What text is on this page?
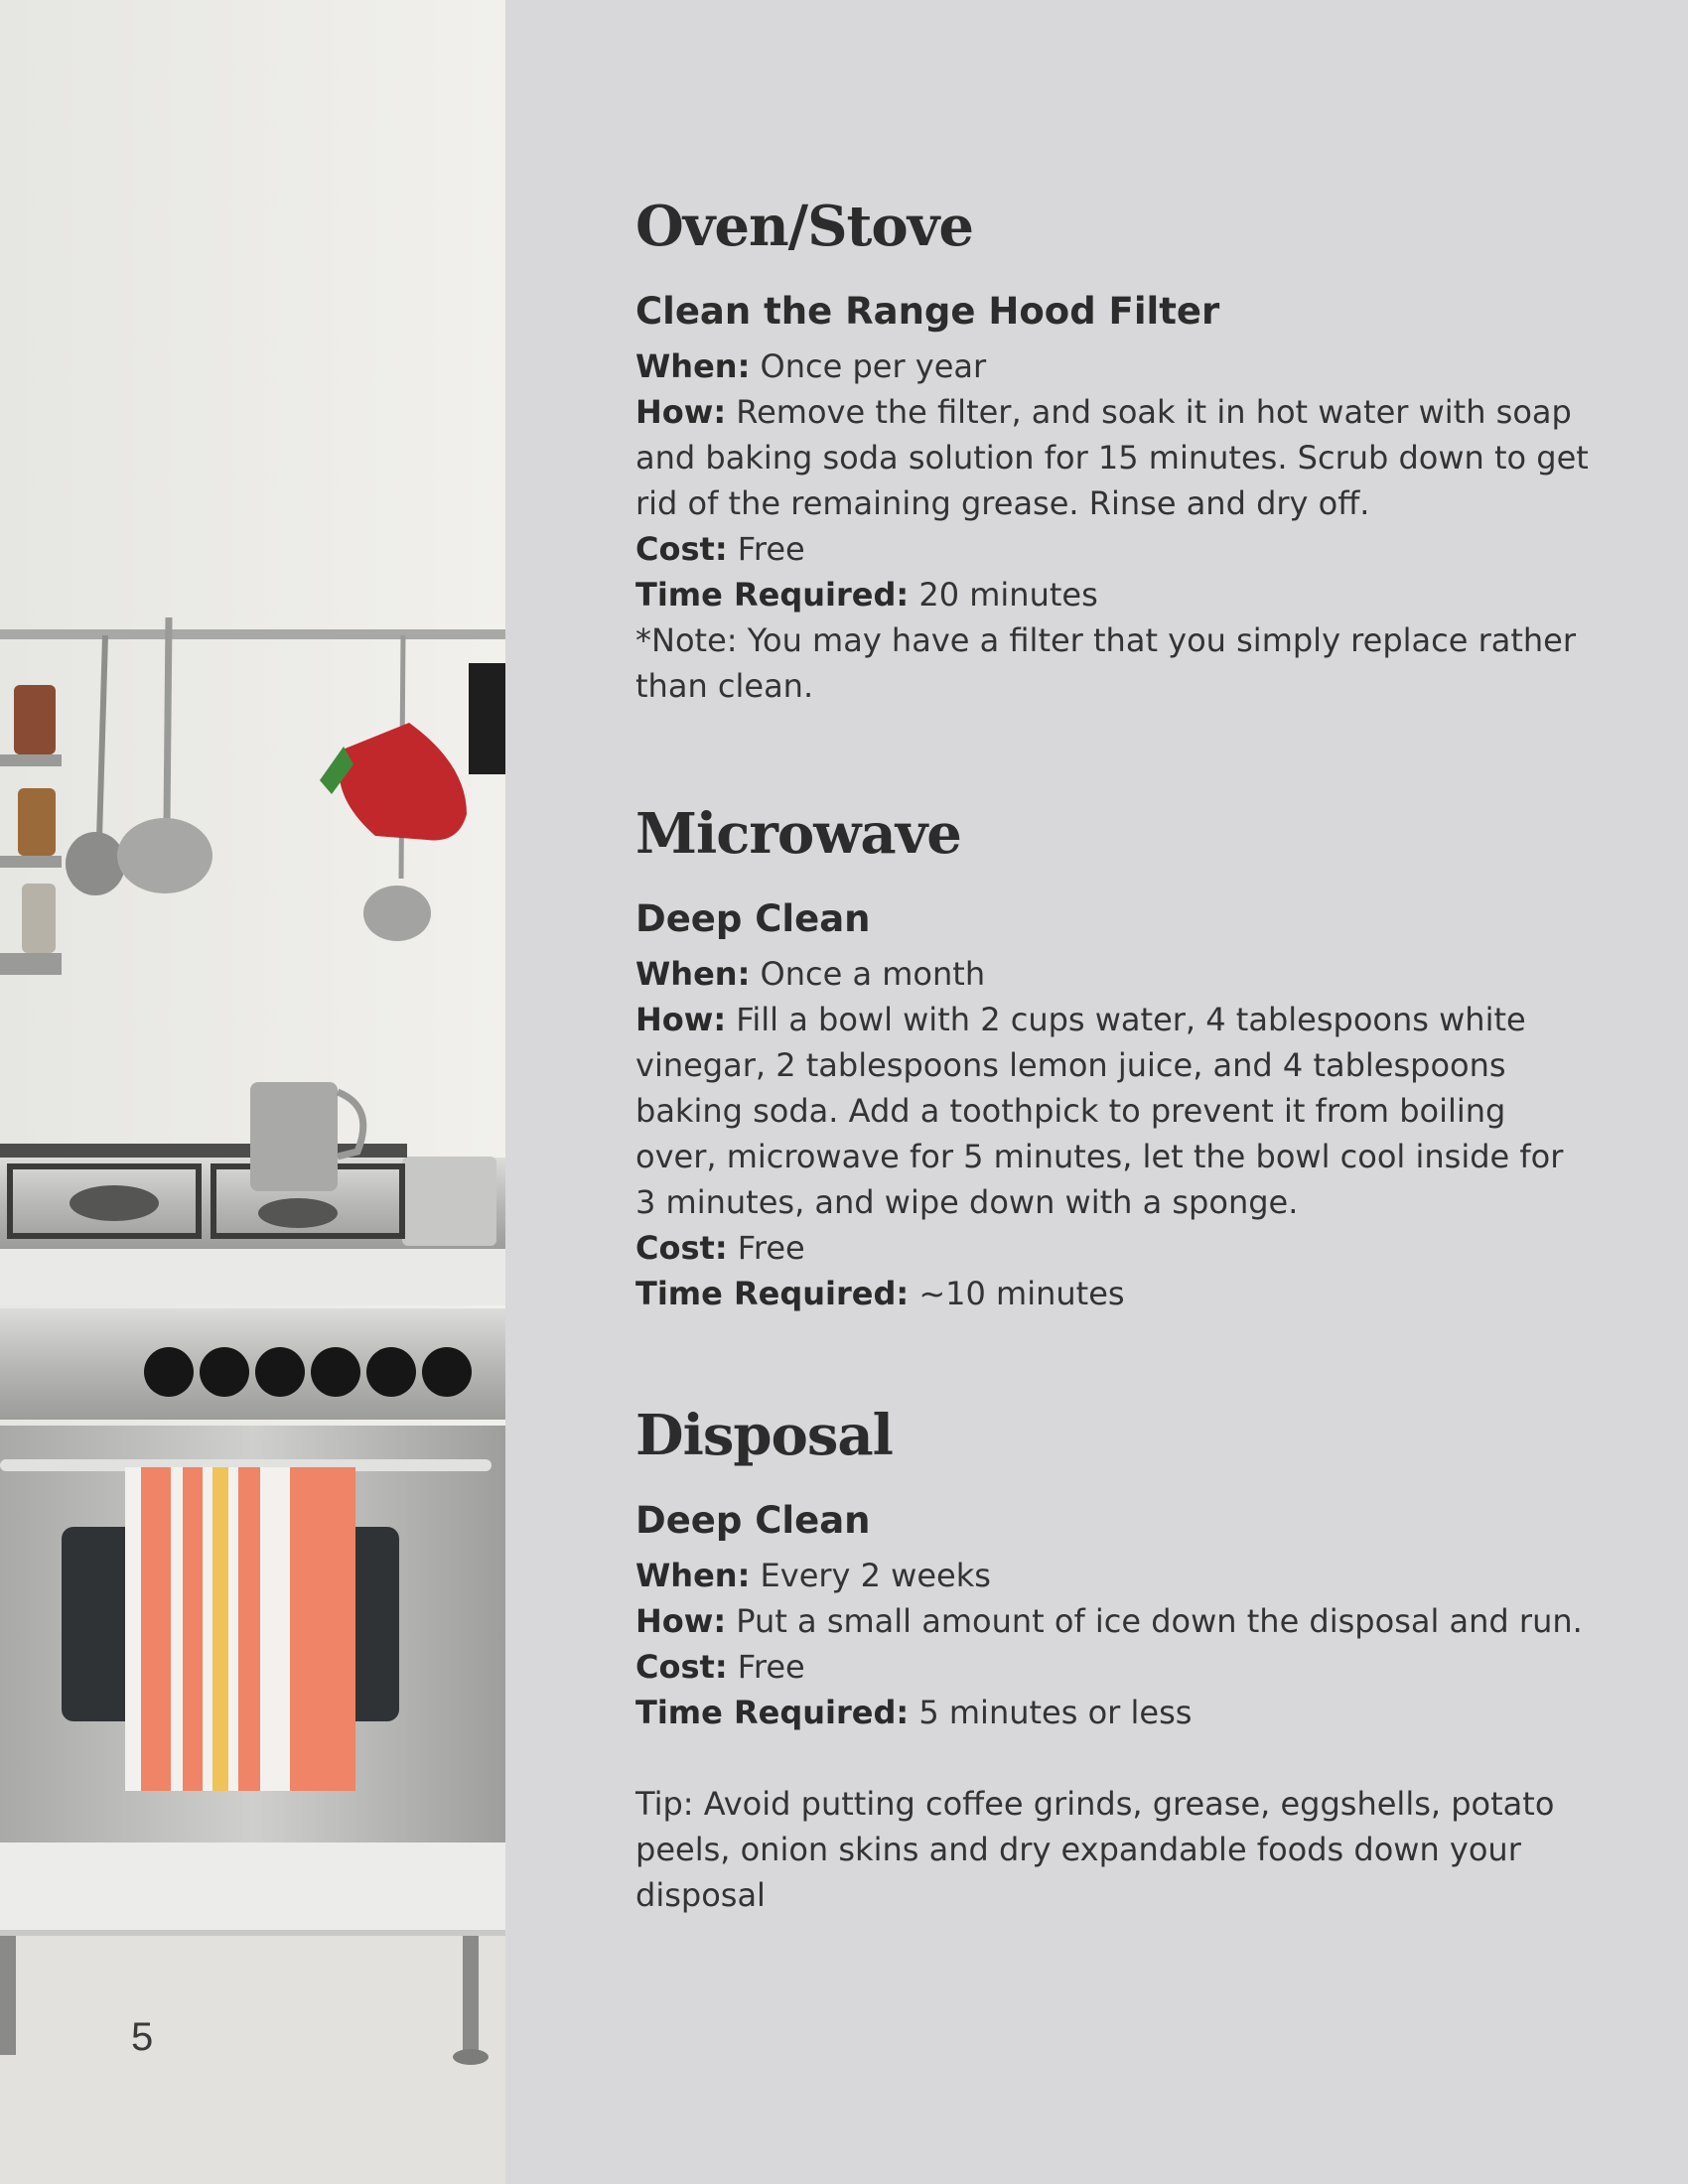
5
Oven/Stove
Clean the Range Hood Filter

When: Once per year

How: Remove the filter, and soak it in hot water with soap and baking soda solution for 15 minutes. Scrub down to get rid of the remaining grease. Rinse and dry off.

Cost: Free

Time Required: 20 minutes

*Note: You may have a filter that you simply replace rather than clean.

Microwave
Deep Clean

When: Once a month

How: Fill a bowl with 2 cups water, 4 tablespoons white vinegar, 2 tablespoons lemon juice, and 4 tablespoons baking soda. Add a toothpick to prevent it from boiling over, microwave for 5 minutes, let the bowl cool inside for 3 minutes, and wipe down with a sponge.

Cost: Free

Time Required: ~10 minutes

Disposal
Deep Clean

When: Every 2 weeks

How: Put a small amount of ice down the disposal and run.

Cost: Free

Time Required: 5 minutes or less

Tip: Avoid putting coffee grinds, grease, eggshells, potato peels, onion skins and dry expandable foods down your disposal
